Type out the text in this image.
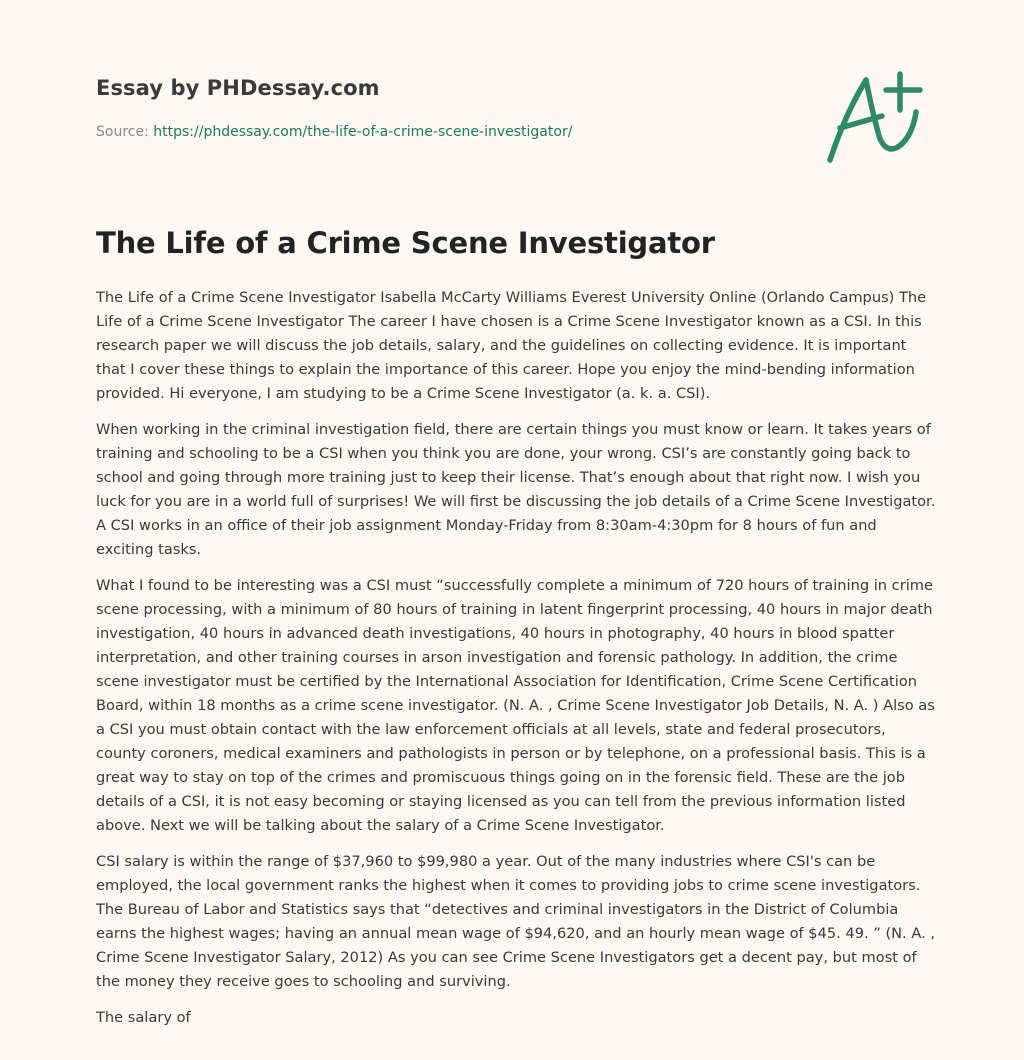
Essay by PHDessay.com
Source: https://phdessay.com/the-life-of-a-crime-scene-investigator/
The Life of a Crime Scene Investigator

The Life of a Crime Scene Investigator Isabella McCarty Williams Everest University Online (Orlando Campus) The Life of a Crime Scene Investigator The career I have chosen is a Crime Scene Investigator known as a CSI. In this research paper we will discuss the job details, salary, and the guidelines on collecting evidence. It is important that I cover these things to explain the importance of this career. Hope you enjoy the mind-bending information provided. Hi everyone, I am studying to be a Crime Scene Investigator (a. k. a. CSI).

When working in the criminal investigation field, there are certain things you must know or learn. It takes years of training and schooling to be a CSI when you think you are done, your wrong. CSI’s are constantly going back to school and going through more training just to keep their license. That’s enough about that right now. I wish you luck for you are in a world full of surprises! We will first be discussing the job details of a Crime Scene Investigator. A CSI works in an office of their job assignment Monday-Friday from 8:30am-4:30pm for 8 hours of fun and exciting tasks.

What I found to be interesting was a CSI must “successfully complete a minimum of 720 hours of training in crime scene processing, with a minimum of 80 hours of training in latent fingerprint processing, 40 hours in major death investigation, 40 hours in advanced death investigations, 40 hours in photography, 40 hours in blood spatter interpretation, and other training courses in arson investigation and forensic pathology. In addition, the crime scene investigator must be certified by the International Association for Identification, Crime Scene Certification Board, within 18 months as a crime scene investigator. (N. A. , Crime Scene Investigator Job Details, N. A. ) Also as a CSI you must obtain contact with the law enforcement officials at all levels, state and federal prosecutors, county coroners, medical examiners and pathologists in person or by telephone, on a professional basis. This is a great way to stay on top of the crimes and promiscuous things going on in the forensic field. These are the job details of a CSI, it is not easy becoming or staying licensed as you can tell from the previous information listed above. Next we will be talking about the salary of a Crime Scene Investigator.

CSI salary is within the range of $37,960 to $99,980 a year. Out of the many industries where CSI's can be employed, the local government ranks the highest when it comes to providing jobs to crime scene investigators. The Bureau of Labor and Statistics says that “detectives and criminal investigators in the District of Columbia earns the highest wages; having an annual mean wage of $94,620, and an hourly mean wage of $45. 49. ” (N. A. , Crime Scene Investigator Salary, 2012) As you can see Crime Scene Investigators get a decent pay, but most of the money they receive goes to schooling and surviving.

The salary of
